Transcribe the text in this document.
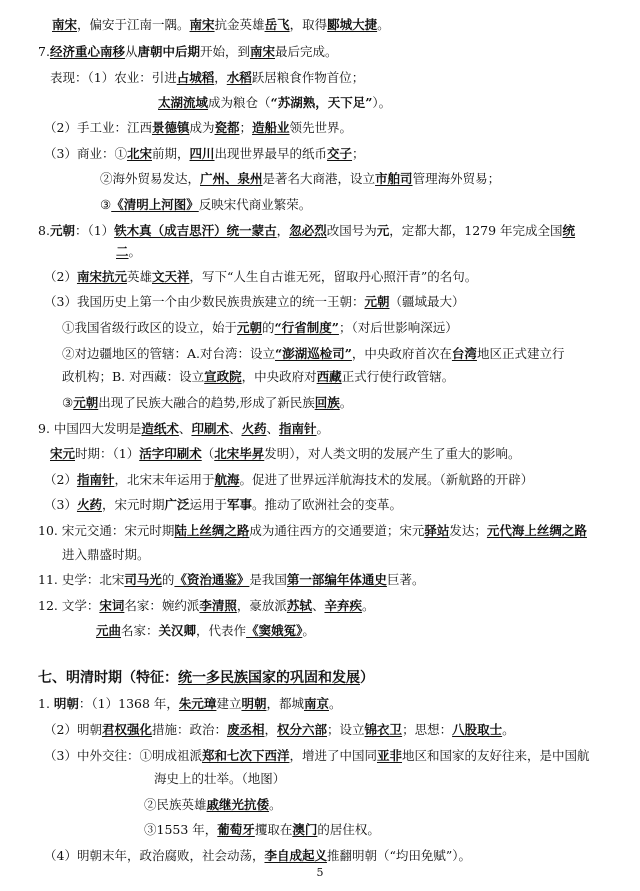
南宋，偏安于江南一隅。南宋抗金英雄岳飞，取得郾城大捷。
7.经济重心南移从唐朝中后期开始，到南宋最后完成。
表现：（1）农业：引进占城稻，水稻跃居粮食作物首位；
太湖流域成为粮仓（“苏湖熟，天下足”）。
（2）手工业：江西景德镇成为瓷都；造船业领先世界。
（3）商业：①北宋前期，四川出现世界最早的纸币交子；
②海外贸易发达，广州、泉州是著名大商港，设立市舶司管理海外贸易；
③《清明上河图》反映宋代商业繁荣。
8.元朝：（1）铁木真（成吉思汗）统一蒙古，忽必烈改国号为元，定都大都，1279 年完成全国统
二。
（2）南宋抗元英雄文天祥，写下“人生自古谁无死，留取丹心照汗青”的名句。
（3）我国历史上第一个由少数民族贵族建立的统一王朝：元朝（疆域最大）
①我国省级行政区的设立，始于元朝的“行省制度”；（对后世影响深远）
②对边疆地区的管辖：A.对台湾：设立“澎湖巡检司”，中央政府首次在台湾地区正式建立行
政机构；B. 对西藏：设立宣政院，中央政府对西藏正式行使行政管辖。
③元朝出现了民族大融合的趋势,形成了新民族回族。
9. 中国四大发明是造纸术、印刷术、火药、指南针。
宋元时期：（1）活字印刷术（北宋毕昇发明），对人类文明的发展产生了重大的影响。
（2）指南针，北宋末年运用于航海。促进了世界远洋航海技术的发展。（新航路的开辟）
（3）火药，宋元时期广泛运用于军事。推动了欧洲社会的变革。
10. 宋元交通：宋元时期陆上丝绸之路成为通往西方的交通要道；宋元驿站发达；元代海上丝绸之路
进入鼎盛时期。
11. 史学：北宋司马光的《资治通鉴》是我国第一部编年体通史巨著。
12. 文学：宋词名家：婉约派李清照，豪放派苏轼、辛弃疾。
元曲名家：关汉卿，代表作《窦娥冤》。
七、明清时期（特征：统一多民族国家的巩固和发展）
1. 明朝：（1）1368 年，朱元璋建立明朝，都城南京。
（2）明朝君权强化措施：政治：废丞相，权分六部；设立锦衣卫；思想：八股取士。
（3）中外交往：①明成祖派郑和七次下西洋，增进了中国同亚非地区和国家的友好往来，是中国航
海史上的壮举。（地图）
②民族英雄戚继光抗倭。
③1553 年，葡萄牙攫取在澳门的居住权。
（4）明朝末年，政治腐败，社会动荡，李自成起义推翻明朝（“均田免赋”）。
5
